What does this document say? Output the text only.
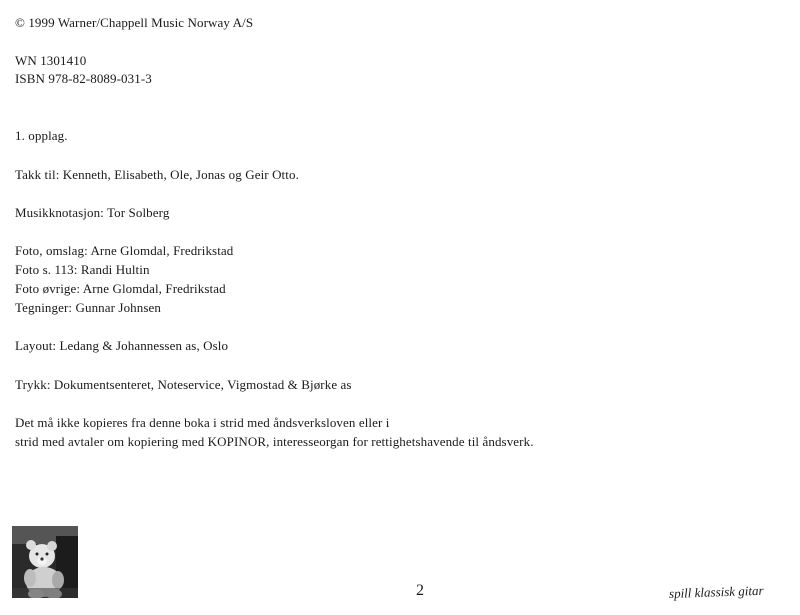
© 1999 Warner/Chappell Music Norway A/S
WN 1301410
ISBN 978-82-8089-031-3
1. opplag.
Takk til: Kenneth, Elisabeth, Ole, Jonas og Geir Otto.
Musikknotasjon: Tor Solberg
Foto, omslag: Arne Glomdal, Fredrikstad
Foto s. 113: Randi Hultin
Foto øvrige: Arne Glomdal, Fredrikstad
Tegninger: Gunnar Johnsen
Layout: Ledang & Johannessen as, Oslo
Trykk: Dokumentsenteret, Noteservice, Vigmostad & Bjørke as
Det må ikke kopieres fra denne boka i strid med åndsverksloven eller i
strid med avtaler om kopiering med KOPINOR, interesseorgan for rettighetshavende til åndsverk.
2	spill klassisk gitar
